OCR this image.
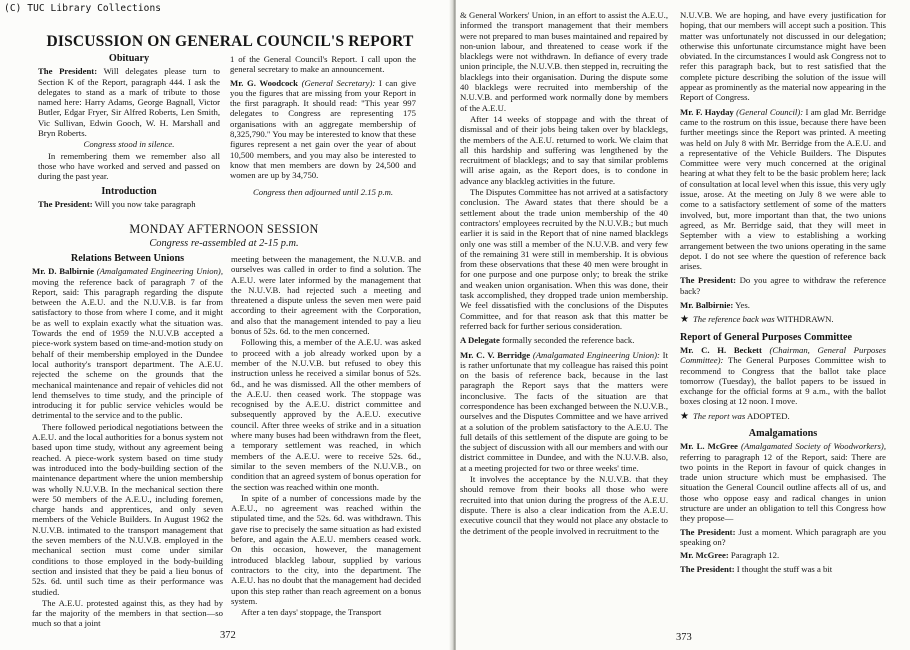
(C) TUC Library Collections
DISCUSSION ON GENERAL COUNCIL'S REPORT
Obituary

The President: Will delegates please turn to Section K of the Report, paragraph 444. I ask the delegates to stand as a mark of tribute to those named here: Harry Adams, George Bagnall, Victor Butler, Edgar Fryer, Sir Alfred Roberts, Len Smith, Vic Sullivan, Edwin Gooch, W. H. Marshall and Bryn Roberts.

Congress stood in silence.

In remembering them we remember also all those who have worked and served and passed on during the past year.

Introduction

The President: Will you now take paragraph

1 of the General Council's Report. I call upon the general secretary to make an announcement.

Mr. G. Woodcock (General Secretary): I can give you the figures that are missing from your Report in the first paragraph. It should read: "This year 997 delegates to Congress are representing 175 organisations with an aggregate membership of 8,325,790." You may be interested to know that these figures represent a net gain over the year of about 10,500 members, and you may also be interested to know that men members are down by 24,500 and women are up by 34,750.

Congress then adjourned until 2.15 p.m.

MONDAY AFTERNOON SESSION
Congress re-assembled at 2-15 p.m.
Relations Between Unions

Mr. D. Balbirnie (Amalgamated Engineering Union), moving the reference back of paragraph 7 of the Report, said: This paragraph regarding the dispute between the A.E.U. and the N.U.V.B. is far from satisfactory to those from where I come, and it might be as well to explain exactly what the situation was. Towards the end of 1959 the N.U.V.B accepted a piece-work system based on time-and-motion study on behalf of their membership employed in the Dundee local authority's transport department. The A.E.U. rejected the scheme on the grounds that the mechanical maintenance and repair of vehicles did not lend themselves to time study, and the principle of introducing it for public service vehicles would be detrimental to the service and to the public.

There followed periodical negotiations between the A.E.U. and the local authorities for a bonus system not based upon time study, without any agreement being reached. A piece-work system based on time study was introduced into the body-building section of the maintenance department where the union membership was wholly N.U.V.B. In the mechanical section there were 50 members of the A.E.U., including foremen, charge hands and apprentices, and only seven members of the Vehicle Builders. In August 1962 the N.U.V.B. intimated to the transport management that the seven members of the N.U.V.B. employed in the mechanical section must come under similar conditions to those employed in the body-building section and insisted that they be paid a lieu bonus of 52s. 6d. until such time as their performance was studied.

The A.E.U. protested against this, as they had by far the majority of the members in that section—so much so that a joint

meeting between the management, the N.U.V.B. and ourselves was called in order to find a solution. The A.E.U. were later informed by the management that the N.U.V.B. had rejected such a meeting and threatened a dispute unless the seven men were paid according to their agreement with the Corporation, and also that the management intended to pay a lieu bonus of 52s. 6d. to the men concerned.

Following this, a member of the A.E.U. was asked to proceed with a job already worked upon by a member of the N.U.V.B. but refused to obey this instruction unless he received a similar bonus of 52s. 6d., and he was dismissed. All the other members of the A.E.U. then ceased work. The stoppage was recognised by the A.E.U. district committee and subsequently approved by the A.E.U. executive council. After three weeks of strike and in a situation where many buses had been withdrawn from the fleet, a temporary settlement was reached, in which members of the A.E.U. were to receive 52s. 6d., similar to the seven members of the N.U.V.B., on condition that an agreed system of bonus operation for the section was reached within one month.

In spite of a number of concessions made by the A.E.U., no agreement was reached within the stipulated time, and the 52s. 6d. was withdrawn. This gave rise to precisely the same situation as had existed before, and again the A.E.U. members ceased work. On this occasion, however, the management introduced blackleg labour, supplied by various contractors to the city, into the department. The A.E.U. has no doubt that the management had decided upon this step rather than reach agreement on a bonus system.

After a ten days' stoppage, the Transport

372

& General Workers' Union, in an effort to assist the A.E.U., informed the transport management that their members were not prepared to man buses maintained and repaired by non-union labour, and threatened to cease work if the blacklegs were not withdrawn. In defiance of every trade union principle, the N.U.V.B. then stepped in, recruiting the blacklegs into their organisation. During the dispute some 40 blacklegs were recruited into membership of the N.U.V.B. and performed work normally done by members of the A.E.U.

After 14 weeks of stoppage and with the threat of dismissal and of their jobs being taken over by blacklegs, the members of the A.E.U. returned to work. We claim that all this hardship and suffering was lengthened by the recruitment of blacklegs; and to say that similar problems will arise again, as the Report does, is to condone in advance any blackleg activities in the future.

The Disputes Committee has not arrived at a satisfactory conclusion. The Award states that there should be a settlement about the trade union membership of the 40 contractors' employees recruited by the N.U.V.B.; but much earlier it is said in the Report that of nine named blacklegs only one was still a member of the N.U.V.B. and very few of the remaining 31 were still in membership. It is obvious from these observations that these 40 men were brought in for one purpose and one purpose only; to break the strike and weaken union organisation. When this was done, their task accomplished, they dropped trade union membership. We feel dissatisfied with the conclusions of the Disputes Committee, and for that reason ask that this matter be referred back for further serious consideration.

A Delegate formally seconded the reference back.

Mr. C. V. Berridge (Amalgamated Engineering Union): It is rather unfortunate that my colleague has raised this point on the basis of reference back, because in the last paragraph the Report says that the matters were inconclusive. The facts of the situation are that correspondence has been exchanged between the N.U.V.B., ourselves and the Disputes Committee and we have arrived at a solution of the problem satisfactory to the A.E.U. The full details of this settlement of the dispute are going to be the subject of discussion with all our members and with our district committee in Dundee, and with the N.U.V.B. also, at a meeting projected for two or three weeks' time.

It involves the acceptance by the N.U.V.B. that they should remove from their books all those who were recruited into that union during the progress of the A.E.U. dispute. There is also a clear indication from the A.E.U. executive council that they would not place any obstacle to the detriment of the people involved in recruitment to the

N.U.V.B. We are hoping, and have every justification for hoping, that our members will accept such a position. This matter was unfortunately not discussed in our delegation; otherwise this unfortunate circumstance might have been obviated. In the circumstances I would ask Congress not to refer this paragraph back, but to rest satisfied that the complete picture describing the solution of the issue will appear as prominently as the material now appearing in the Report of Congress.

Mr. F. Hayday (General Council): I am glad Mr. Berridge came to the rostrum on this issue, because there have been further meetings since the Report was printed. A meeting was held on July 8 with Mr. Berridge from the A.E.U. and a representative of the Vehicle Builders. The Disputes Committee were very much concerned at the original hearing at what they felt to be the basic problem here; lack of consultation at local level when this issue, this very ugly issue, arose. At the meeting on July 8 we were able to come to a satisfactory settlement of some of the matters involved, but, more important than that, the two unions agreed, as Mr. Berridge said, that they will meet in September with a view to establishing a working arrangement between the two unions operating in the same depot. I do not see where the question of reference back arises.

The President: Do you agree to withdraw the reference back?

Mr. Balbirnie: Yes.

★ The reference back was WITHDRAWN.

Report of General Purposes Committee

Mr. C. H. Beckett (Chairman, General Purposes Committee): The General Purposes Committee wish to recommend to Congress that the ballot take place tomorrow (Tuesday), the ballot papers to be issued in exchange for the official forms at 9 a.m., with the ballot boxes closing at 12 noon. I move.

★ The report was ADOPTED.

Amalgamations

Mr. L. McGree (Amalgamated Society of Woodworkers), referring to paragraph 12 of the Report, said: There are two points in the Report in favour of quick changes in trade union structure which must be emphasised. The situation the General Council outline affects all of us, and those who oppose easy and radical changes in union structure are under an obligation to tell this Congress how they propose—

The President: Just a moment. Which paragraph are you speaking on?

Mr. McGree: Paragraph 12.

The President: I thought the stuff was a bit

373
